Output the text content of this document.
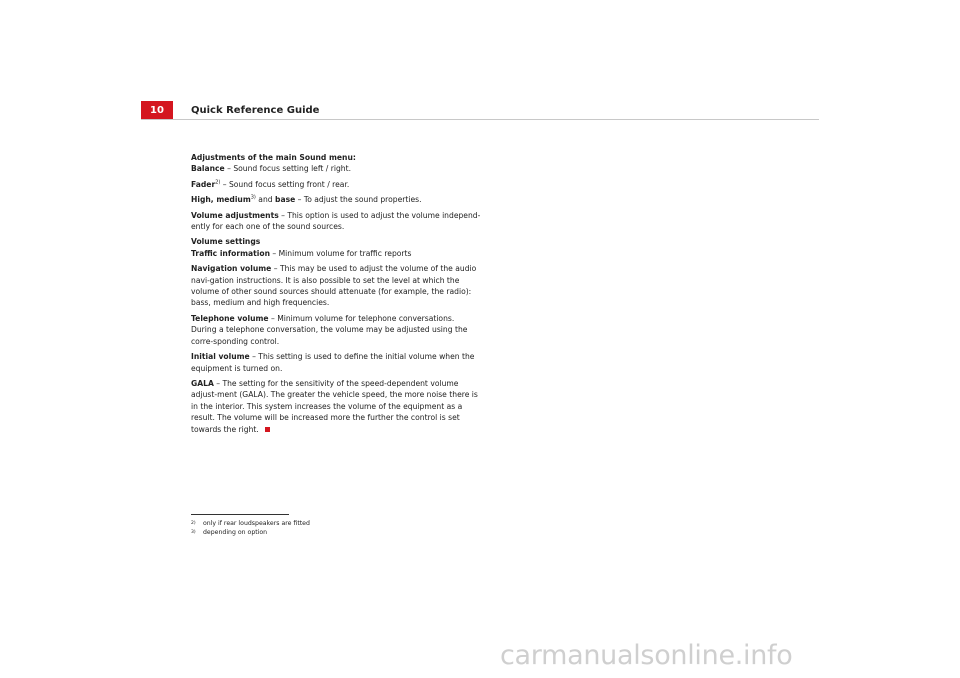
10	Quick Reference Guide

Adjustments of the main Sound menu:

Balance – Sound focus setting left / right.

Fader$^{2)}$ – Sound focus setting front / rear.

High, medium$^{3)}$ and base – To adjust the sound properties.

Volume adjustments – This option is used to adjust the volume independ-ently for each one of the sound sources.

Volume settings

Traffic information – Minimum volume for traffic reports

Navigation volume – This may be used to adjust the volume of the audio navi-gation instructions. It is also possible to set the level at which the volume of other sound sources should attenuate (for example, the radio): bass, medium and high frequencies.

Telephone volume – Minimum volume for telephone conversations. During a telephone conversation, the volume may be adjusted using the corre-sponding control.

Initial volume – This setting is used to define the initial volume when the equipment is turned on.

GALA – The setting for the sensitivity of the speed-dependent volume adjust-ment (GALA). The greater the vehicle speed, the more noise there is in the interior. This system increases the volume of the equipment as a result. The volume will be increased more the further the control is set towards the right.

2) only if rear loudspeakers are fitted
3) depending on option
carmanualsonline.info
